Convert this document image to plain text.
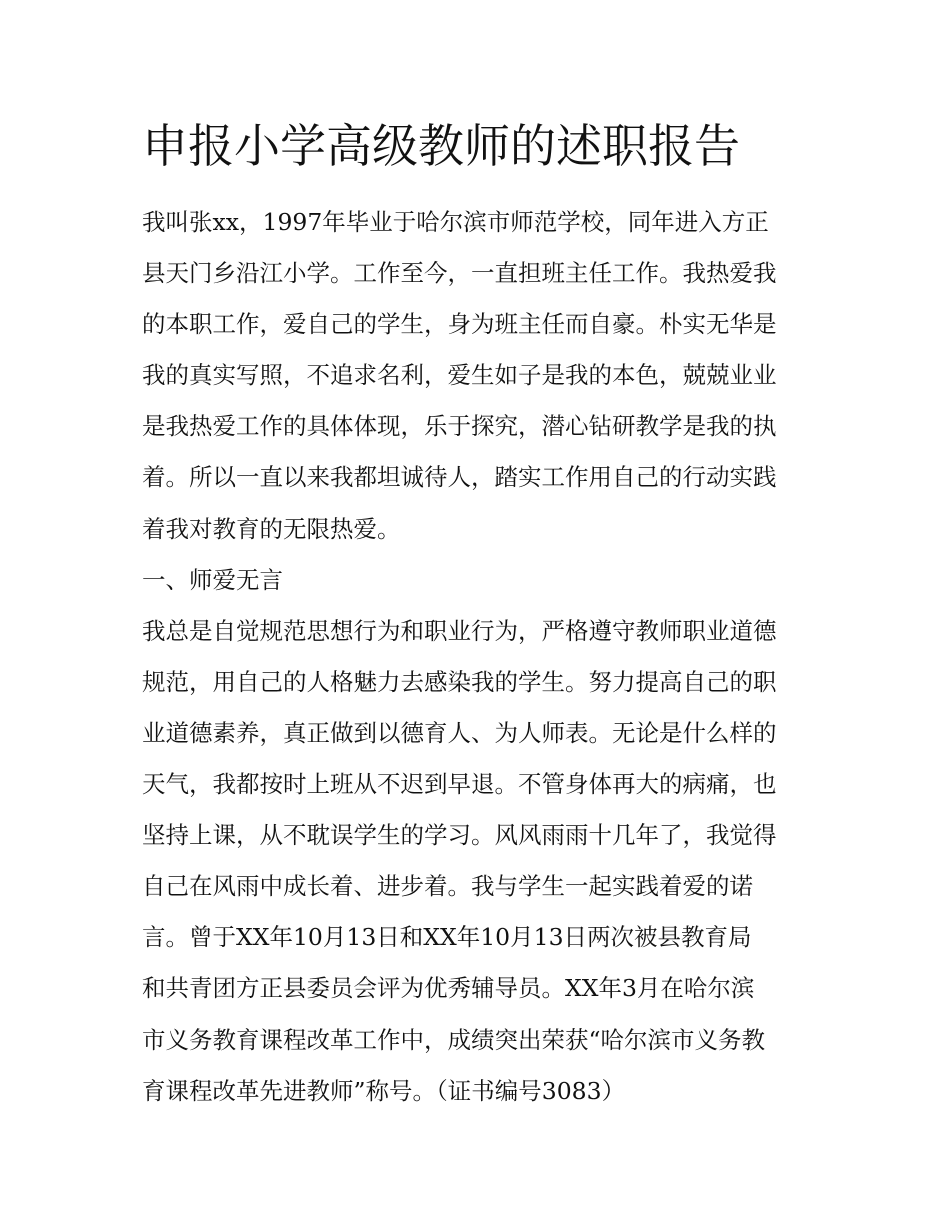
申报小学高级教师的述职报告
我叫张xx，1997年毕业于哈尔滨市师范学校，同年进入方正
县天门乡沿江小学。工作至今，一直担班主任工作。我热爱我
的本职工作，爱自己的学生，身为班主任而自豪。朴实无华是
我的真实写照，不追求名利，爱生如子是我的本色，兢兢业业
是我热爱工作的具体体现，乐于探究，潜心钻研教学是我的执
着。所以一直以来我都坦诚待人，踏实工作用自己的行动实践
着我对教育的无限热爱。
一、师爱无言
我总是自觉规范思想行为和职业行为，严格遵守教师职业道德
规范，用自己的人格魅力去感染我的学生。努力提高自己的职
业道德素养，真正做到以德育人、为人师表。无论是什么样的
天气，我都按时上班从不迟到早退。不管身体再大的病痛，也
坚持上课，从不耽误学生的学习。风风雨雨十几年了，我觉得
自己在风雨中成长着、进步着。我与学生一起实践着爱的诺
言。曾于XX年10月13日和XX年10月13日两次被县教育局
和共青团方正县委员会评为优秀辅导员。XX年3月在哈尔滨
市义务教育课程改革工作中，成绩突出荣获“哈尔滨市义务教
育课程改革先进教师”称号。（证书编号3083）
